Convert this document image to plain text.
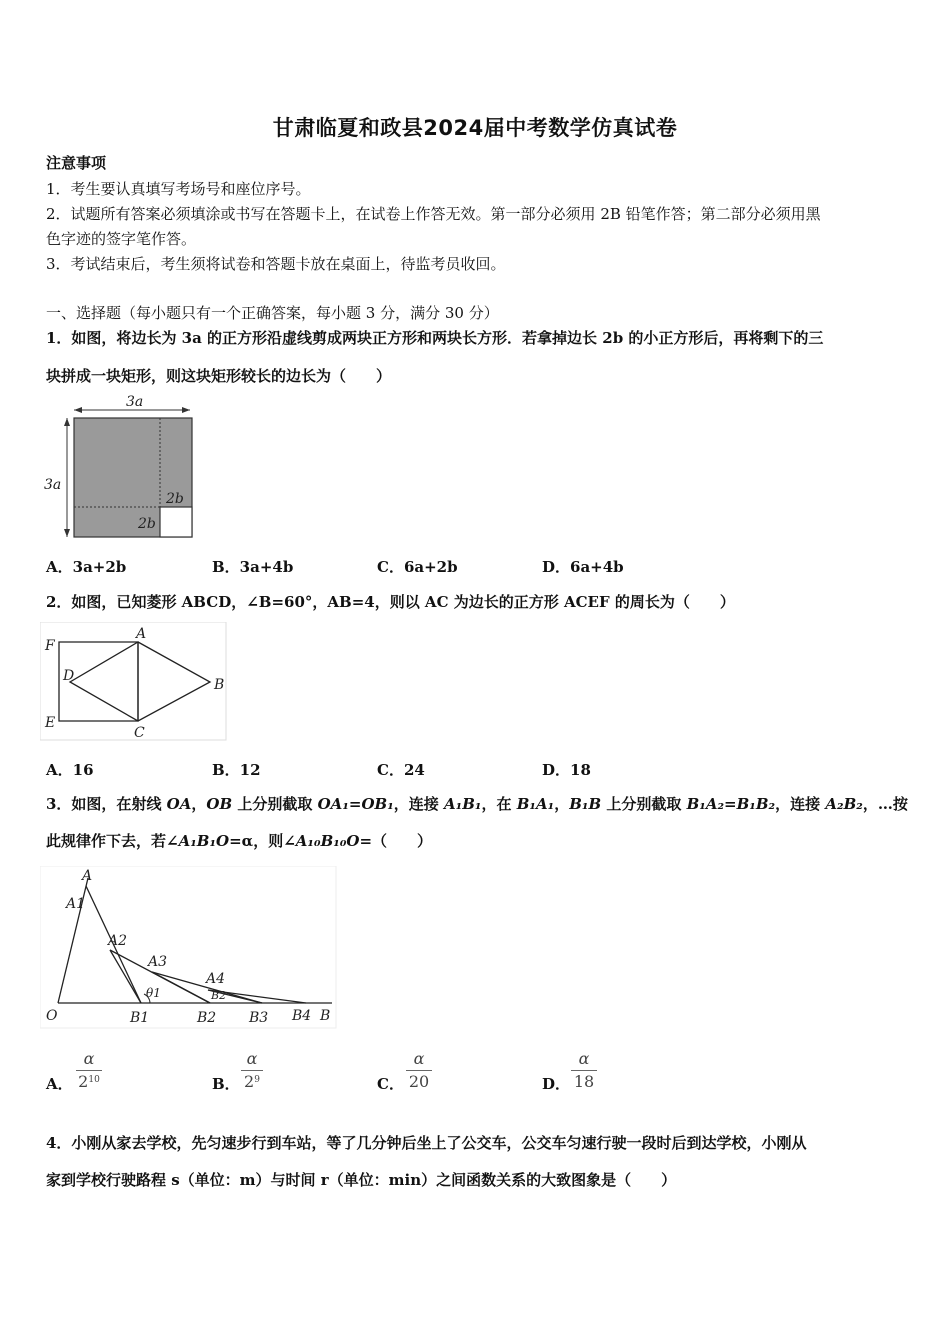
甘肃临夏和政县2024届中考数学仿真试卷
注意事项
1．考生要认真填写考场号和座位序号。
2．试题所有答案必须填涂或书写在答题卡上，在试卷上作答无效。第一部分必须用 2B 铅笔作答；第二部分必须用黑
色字迹的签字笔作答。
3．考试结束后，考生须将试卷和答题卡放在桌面上，待监考员收回。
一、选择题（每小题只有一个正确答案，每小题 3 分，满分 30 分）
1．如图，将边长为 3a 的正方形沿虚线剪成两块正方形和两块长方形．若拿掉边长 2b 的小正方形后，再将剩下的三
块拼成一块矩形，则这块矩形较长的边长为（　　）
3a
3a
2b
2b
A．3a+2b	B．3a+4b	C．6a+2b	D．6a+4b
2．如图，已知菱形 ABCD，∠B=60°，AB=4，则以 AC 为边长的正方形 ACEF 的周长为（　　）
F
A
D
B
E
C
A．16	B．12	C．24	D．18
3．如图，在射线 OA，OB 上分别截取 OA₁=OB₁，连接 A₁B₁，在 B₁A₁，B₁B 上分别截取 B₁A₂=B₁B₂，连接 A₂B₂，…按
此规律作下去，若∠A₁B₁O=α，则∠A₁₀B₁₀O=（　　）
A
A1
A2
A3
A4
B2
θ1
O	B1	B2 B3 B4 B
A．
α
$2^{10}$	B．
α
$2^9$	C．
α
20	D．
α
18
4．小刚从家去学校，先匀速步行到车站，等了几分钟后坐上了公交车，公交车匀速行驶一段时后到达学校，小刚从
家到学校行驶路程 s（单位：m）与时间 r（单位：min）之间函数关系的大致图象是（　　）
